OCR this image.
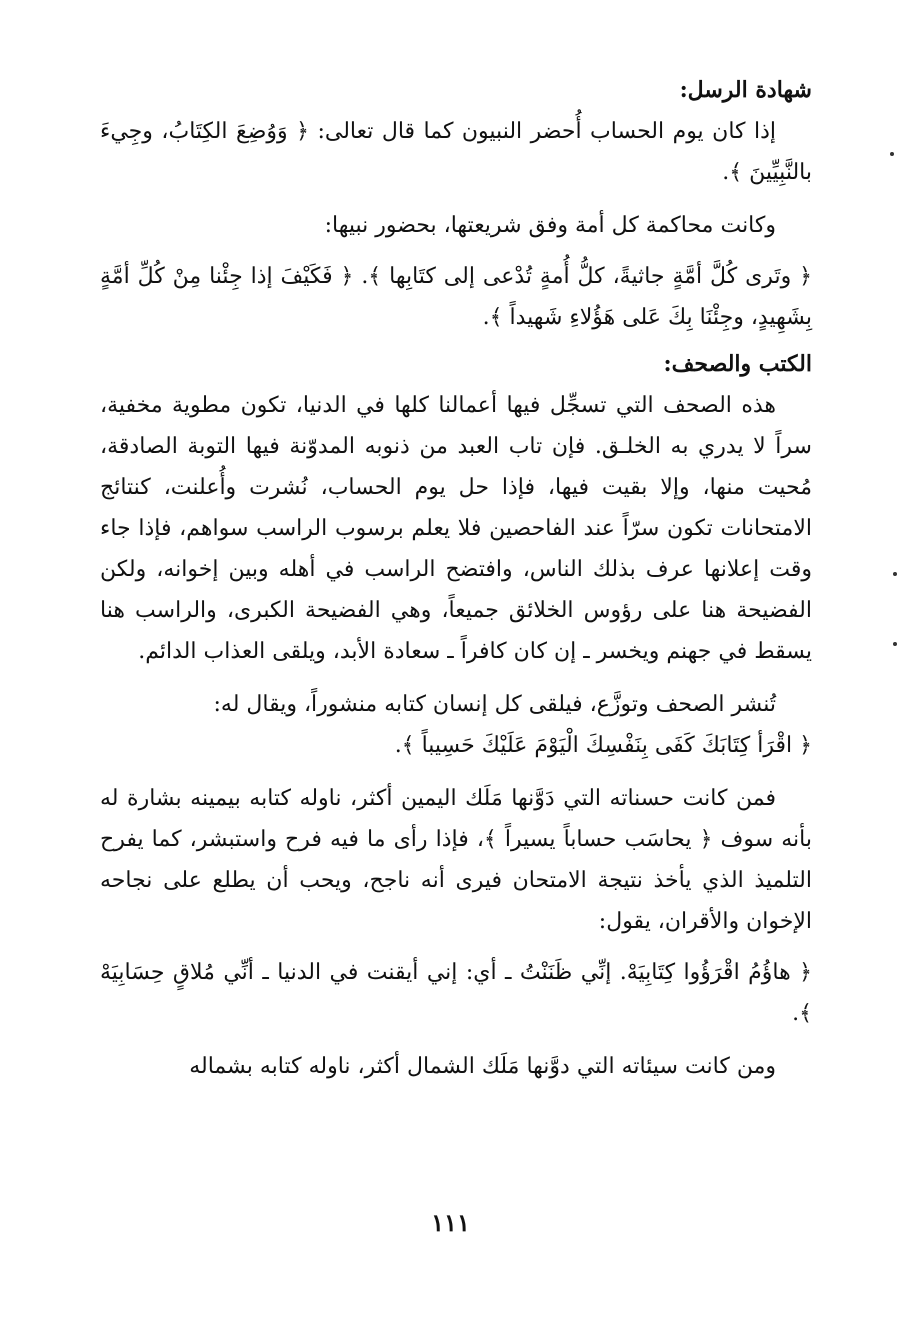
شهادة الرسل:

إذا كان يوم الحساب أُحضر النبيون كما قال تعالى: ﴿ وَوُضِعَ الكِتَابُ، وجِيءَ بالنَّبِيِّينَ ﴾.

وكانت محاكمة كل أمة وفق شريعتها، بحضور نبيها:

﴿ وتَرى كُلَّ أمَّةٍ جاثيةً، كلُّ أُمةٍ تُدْعى إلى كتَابِها ﴾. ﴿ فَكَيْفَ إذا جِئْنا مِنْ كُلِّ أمَّةٍ بِشَهِيدٍ، وجِئْنَا بِكَ عَلى هَؤُلاءِ شَهيداً ﴾.

الكتب والصحف:

هذه الصحف التي تسجِّل فيها أعمالنا كلها في الدنيا، تكون مطوية مخفية، سراً لا يدري به الخلـق. فإن تاب العبد من ذنوبه المدوّنة فيها التوبة الصادقة، مُحيت منها، وإلا بقيت فيها، فإذا حل يوم الحساب، نُشرت وأُعلنت، كنتائج الامتحانات تكون سرّاً عند الفاحصين فلا يعلم برسوب الراسب سواهم، فإذا جاء وقت إعلانها عرف بذلك الناس، وافتضح الراسب في أهله وبين إخوانه، ولكن الفضيحة هنا على رؤوس الخلائق جميعاً، وهي الفضيحة الكبرى، والراسب هنا يسقط في جهنم ويخسر ـ إن كان كافراً ـ سعادة الأبد، ويلقى العذاب الدائم.

تُنشر الصحف وتوزَّع، فيلقى كل إنسان كتابه منشوراً، ويقال له:

﴿ اقْرَأ كِتَابَكَ كَفَى بِنَفْسِكَ الْيَوْمَ عَلَيْكَ حَسِيباً ﴾.

فمن كانت حسناته التي دَوَّنها مَلَك اليمين أكثر، ناوله كتابه بيمينه بشارة له بأنه سوف ﴿ يحاسَب حساباً يسيراً ﴾، فإذا رأى ما فيه فرح واستبشر، كما يفرح التلميذ الذي يأخذ نتيجة الامتحان فيرى أنه ناجح، ويحب أن يطلع على نجاحه الإخوان والأقران، يقول:

﴿ هاؤُمُ اقْرَؤُوا كِتَابِيَهْ. إنِّي ظَنَنْتُ ـ أي: إني أيقنت في الدنيا ـ أنِّي مُلاقٍ حِسَابِيَهْ ﴾.

ومن كانت سيئاته التي دوَّنها مَلَك الشمال أكثر، ناوله كتابه بشماله

١١١
